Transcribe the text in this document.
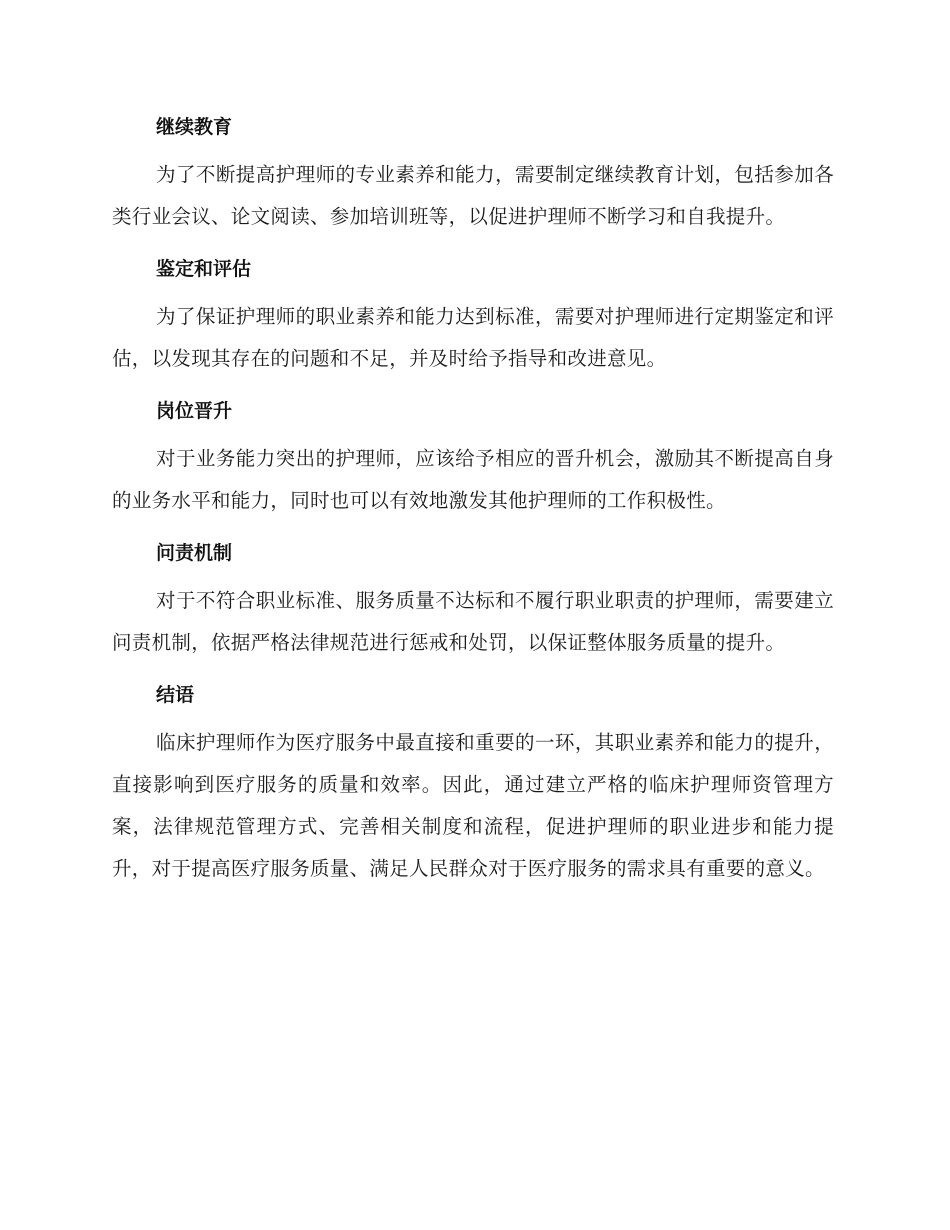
继续教育

为了不断提高护理师的专业素养和能力，需要制定继续教育计划，包括参加各类行业会议、论文阅读、参加培训班等，以促进护理师不断学习和自我提升。

鉴定和评估

为了保证护理师的职业素养和能力达到标准，需要对护理师进行定期鉴定和评估，以发现其存在的问题和不足，并及时给予指导和改进意见。

岗位晋升

对于业务能力突出的护理师，应该给予相应的晋升机会，激励其不断提高自身的业务水平和能力，同时也可以有效地激发其他护理师的工作积极性。

问责机制

对于不符合职业标准、服务质量不达标和不履行职业职责的护理师，需要建立问责机制，依据严格法律规范进行惩戒和处罚，以保证整体服务质量的提升。

结语

临床护理师作为医疗服务中最直接和重要的一环，其职业素养和能力的提升，直接影响到医疗服务的质量和效率。因此，通过建立严格的临床护理师资管理方案，法律规范管理方式、完善相关制度和流程，促进护理师的职业进步和能力提升，对于提高医疗服务质量、满足人民群众对于医疗服务的需求具有重要的意义。
